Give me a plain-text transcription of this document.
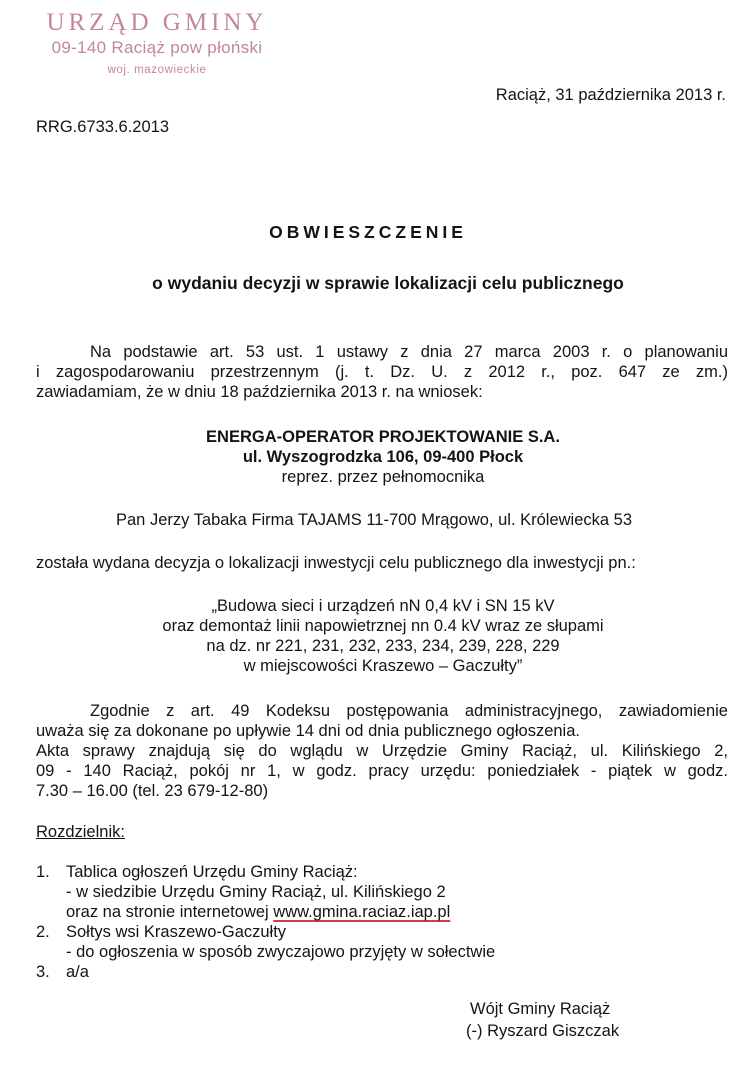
URZĄD GMINY
09-140 Raciąż pow płoński
woj. mazowieckie
Raciąż, 31 października 2013 r.
RRG.6733.6.2013
OBWIESZCZENIE
o wydaniu decyzji w sprawie lokalizacji celu publicznego
Na podstawie art. 53 ust. 1 ustawy z dnia 27 marca 2003 r. o planowaniu
i zagospodarowaniu przestrzennym (j. t. Dz. U. z 2012 r., poz. 647 ze zm.)
zawiadamiam, że w dniu 18 października 2013 r. na wniosek:
ENERGA-OPERATOR PROJEKTOWANIE S.A.
ul. Wyszogrodzka 106, 09-400 Płock
reprez. przez pełnomocnika
Pan Jerzy Tabaka Firma TAJAMS 11-700 Mrągowo, ul. Królewiecka 53
została wydana decyzja o lokalizacji inwestycji celu publicznego dla inwestycji pn.:
„Budowa sieci i urządzeń nN 0,4 kV i SN 15 kV
oraz demontaż linii napowietrznej nn 0.4 kV wraz ze słupami
na dz. nr 221, 231, 232, 233, 234, 239, 228, 229
w miejscowości Kraszewo – Gaczułty”
Zgodnie z art. 49 Kodeksu postępowania administracyjnego, zawiadomienie
uważa się za dokonane po upływie 14 dni od dnia publicznego ogłoszenia.
Akta sprawy znajdują się do wglądu w Urzędzie Gminy Raciąż, ul. Kilińskiego 2,
09 - 140 Raciąż, pokój nr 1, w godz. pracy urzędu: poniedziałek - piątek w godz.
7.30 – 16.00 (tel. 23 679-12-80)
Rozdzielnik:
1. Tablica ogłoszeń Urzędu Gminy Raciąż:
- w siedzibie Urzędu Gminy Raciąż, ul. Kilińskiego 2
oraz na stronie internetowej www.gmina.raciaz.iap.pl
2. Sołtys wsi Kraszewo-Gaczułty
- do ogłoszenia w sposób zwyczajowo przyjęty w sołectwie
3. a/a
Wójt Gminy Raciąż
(-) Ryszard Giszczak
